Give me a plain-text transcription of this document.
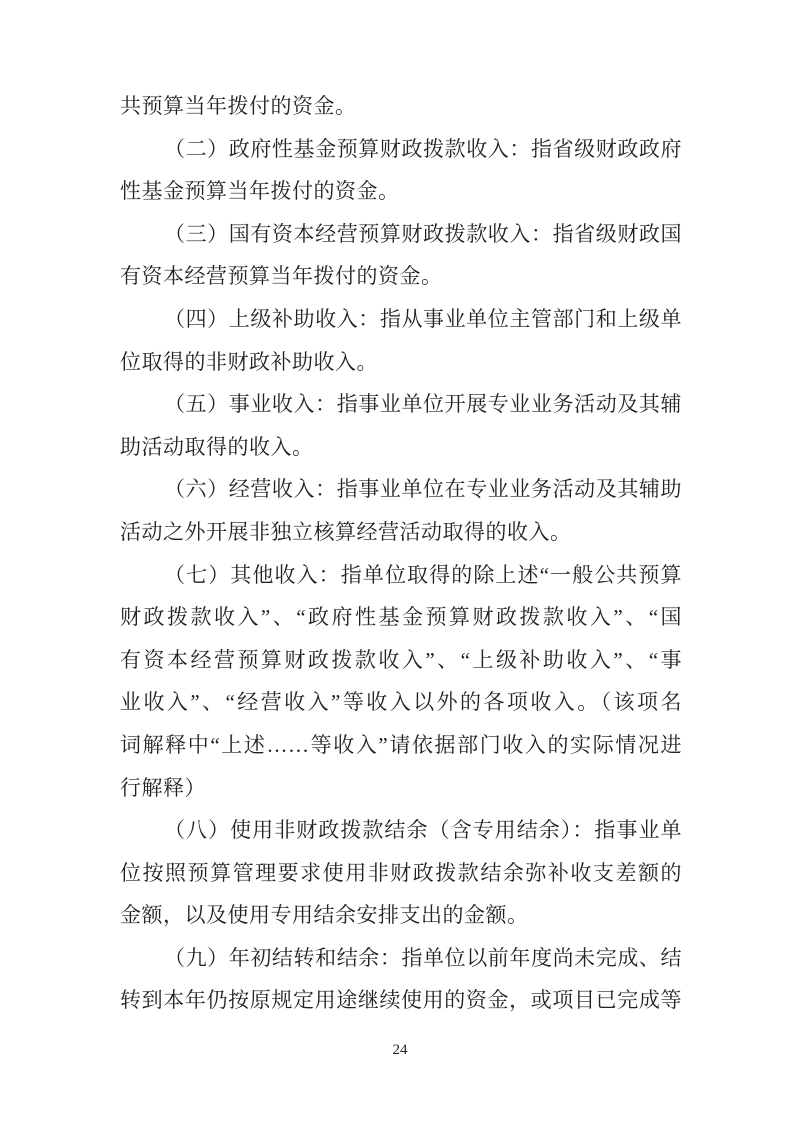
共预算当年拨付的资金。
（二）政府性基金预算财政拨款收入：指省级财政政府
性基金预算当年拨付的资金。
（三）国有资本经营预算财政拨款收入：指省级财政国
有资本经营预算当年拨付的资金。
（四）上级补助收入：指从事业单位主管部门和上级单
位取得的非财政补助收入。
（五）事业收入：指事业单位开展专业业务活动及其辅
助活动取得的收入。
（六）经营收入：指事业单位在专业业务活动及其辅助
活动之外开展非独立核算经营活动取得的收入。
（七）其他收入：指单位取得的除上述“一般公共预算
财政拨款收入”、“政府性基金预算财政拨款收入”、“国
有资本经营预算财政拨款收入”、“上级补助收入”、“事
业收入”、“经营收入”等收入以外的各项收入。（该项名
词解释中“上述……等收入”请依据部门收入的实际情况进
行解释）
（八）使用非财政拨款结余（含专用结余）：指事业单
位按照预算管理要求使用非财政拨款结余弥补收支差额的
金额，以及使用专用结余安排支出的金额。
（九）年初结转和结余：指单位以前年度尚未完成、结
转到本年仍按原规定用途继续使用的资金，或项目已完成等
24
